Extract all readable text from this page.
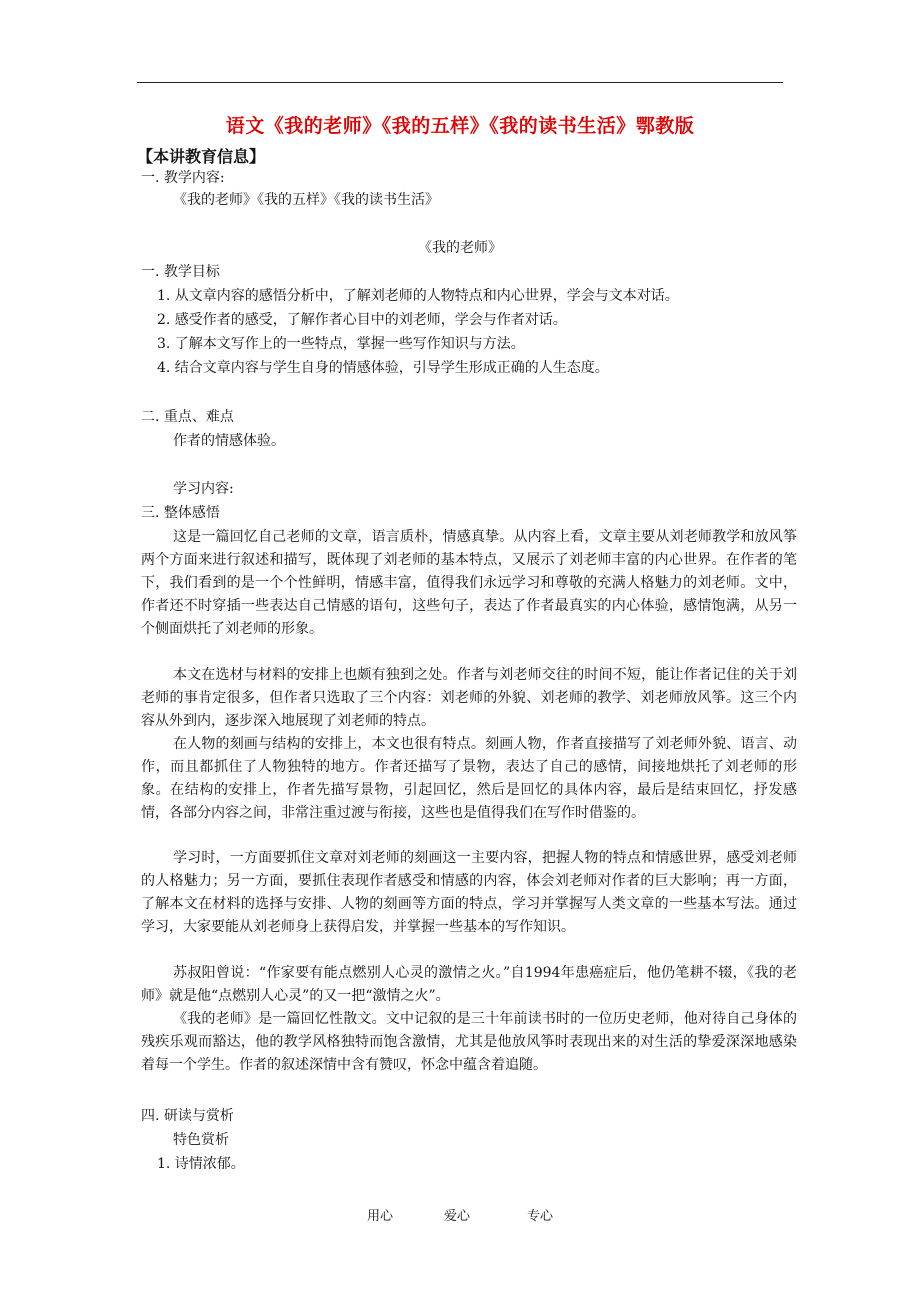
语文《我的老师》《我的五样》《我的读书生活》鄂教版
【本讲教育信息】
一. 教学内容:
《我的老师》《我的五样》《我的读书生活》
《我的老师》
一. 教学目标
1. 从文章内容的感悟分析中，了解刘老师的人物特点和内心世界，学会与文本对话。
2. 感受作者的感受，了解作者心目中的刘老师，学会与作者对话。
3. 了解本文写作上的一些特点，掌握一些写作知识与方法。
4. 结合文章内容与学生自身的情感体验，引导学生形成正确的人生态度。
二. 重点、难点
作者的情感体验。
学习内容:
三. 整体感悟

这是一篇回忆自己老师的文章，语言质朴，情感真挚。从内容上看，文章主要从刘老师教学和放风筝两个方面来进行叙述和描写，既体现了刘老师的基本特点，又展示了刘老师丰富的内心世界。在作者的笔下，我们看到的是一个个性鲜明，情感丰富，值得我们永远学习和尊敬的充满人格魅力的刘老师。文中，作者还不时穿插一些表达自己情感的语句，这些句子，表达了作者最真实的内心体验，感情饱满，从另一个侧面烘托了刘老师的形象。

本文在选材与材料的安排上也颇有独到之处。作者与刘老师交往的时间不短，能让作者记住的关于刘老师的事肯定很多，但作者只选取了三个内容：刘老师的外貌、刘老师的教学、刘老师放风筝。这三个内容从外到内，逐步深入地展现了刘老师的特点。

在人物的刻画与结构的安排上，本文也很有特点。刻画人物，作者直接描写了刘老师外貌、语言、动作，而且都抓住了人物独特的地方。作者还描写了景物，表达了自己的感情，间接地烘托了刘老师的形象。在结构的安排上，作者先描写景物，引起回忆，然后是回忆的具体内容，最后是结束回忆，抒发感情，各部分内容之间，非常注重过渡与衔接，这些也是值得我们在写作时借鉴的。

学习时，一方面要抓住文章对刘老师的刻画这一主要内容，把握人物的特点和情感世界，感受刘老师的人格魅力；另一方面，要抓住表现作者感受和情感的内容，体会刘老师对作者的巨大影响；再一方面，了解本文在材料的选择与安排、人物的刻画等方面的特点，学习并掌握写人类文章的一些基本写法。通过学习，大家要能从刘老师身上获得启发，并掌握一些基本的写作知识。

苏叔阳曾说：“作家要有能点燃别人心灵的激情之火。”自1994年患癌症后，他仍笔耕不辍，《我的老师》就是他“点燃别人心灵”的又一把“激情之火”。

《我的老师》是一篇回忆性散文。文中记叙的是三十年前读书时的一位历史老师，他对待自己身体的残疾乐观而豁达，他的教学风格独特而饱含激情，尤其是他放风筝时表现出来的对生活的挚爱深深地感染着每一个学生。作者的叙述深情中含有赞叹，怀念中蕴含着追随。

四. 研读与赏析
特色赏析
1. 诗情浓郁。
用心	爱心	专心
